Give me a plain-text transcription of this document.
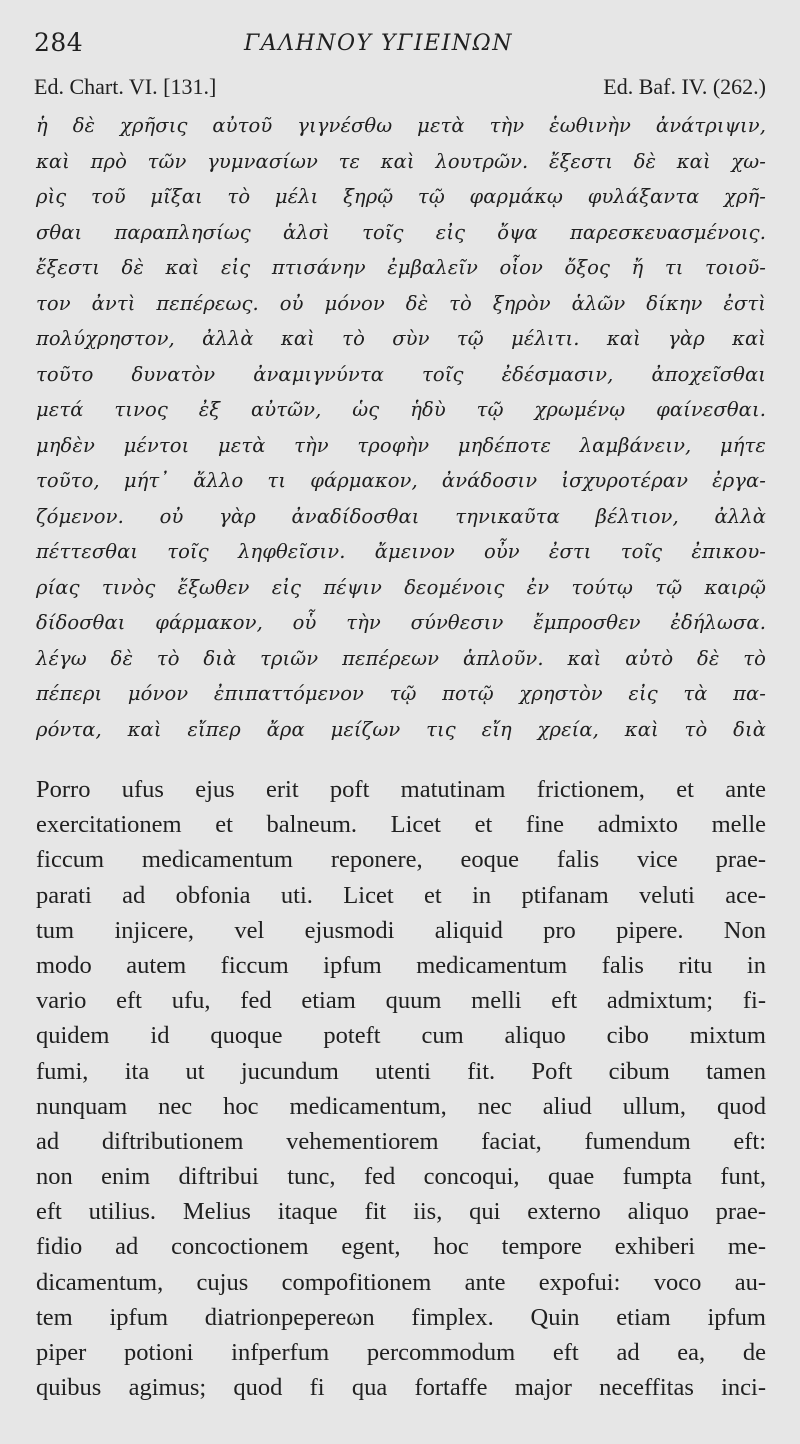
284	ΓΑΛΗΝΟΥ ΥΓΙΕΙΝΩΝ
Ed. Chart. VI. [131.]	Ed. Baf. IV. (262.)
ἡ δὲ χρῆσις αὐτοῦ γιγνέσθω μετὰ τὴν ἑωθινὴν ἀνάτριψιν,
καὶ πρὸ τῶν γυμνασίων τε καὶ λουτρῶν. ἔξεστι δὲ καὶ χω-
ρὶς τοῦ μῖξαι τὸ μέλι ξηρῷ τῷ φαρμάκῳ φυλάξαντα χρῆ-
σθαι παραπλησίως ἁλσὶ τοῖς εἰς ὄψα παρεσκευασμένοις.
ἔξεστι δὲ καὶ εἰς πτισάνην ἐμβαλεῖν οἷον ὄξος ἤ τι τοιοῦ-
τον ἀντὶ πεπέρεως. οὐ μόνον δὲ τὸ ξηρὸν ἁλῶν δίκην ἐστὶ
πολύχρηστον, ἀλλὰ καὶ τὸ σὺν τῷ μέλιτι. καὶ γὰρ καὶ
τοῦτο δυνατὸν ἀναμιγνύντα τοῖς ἐδέσμασιν, ἀποχεῖσθαι
μετά τινος ἐξ αὐτῶν, ὡς ἡδὺ τῷ χρωμένῳ φαίνεσθαι.
μηδὲν μέντοι μετὰ τὴν τροφὴν μηδέποτε λαμβάνειν, μήτε
τοῦτο, μήτ᾿ ἄλλο τι φάρμακον, ἀνάδοσιν ἰσχυροτέραν ἐργα-
ζόμενον. οὐ γὰρ ἀναδίδοσθαι τηνικαῦτα βέλτιον, ἀλλὰ
πέττεσθαι τοῖς ληφθεῖσιν. ἄμεινον οὖν ἐστι τοῖς ἐπικου-
ρίας τινὸς ἔξωθεν εἰς πέψιν δεομένοις ἐν τούτῳ τῷ καιρῷ
δίδοσθαι φάρμακον, οὗ τὴν σύνθεσιν ἔμπροσθεν ἐδήλωσα.
λέγω δὲ τὸ διὰ τριῶν πεπέρεων ἁπλοῦν. καὶ αὐτὸ δὲ τὸ
πέπερι μόνον ἐπιπαττόμενον τῷ ποτῷ χρηστὸν εἰς τὰ πα-
ρόντα, καὶ εἴπερ ἄρα μείζων τις εἴη χρεία, καὶ τὸ διὰ
Porro ufus ejus erit poft matutinam frictionem, et ante
exercitationem et balneum. Licet et fine admixto melle
ficcum medicamentum reponere, eoque falis vice prae-
parati ad obfonia uti. Licet et in ptifanam veluti ace-
tum injicere, vel ejusmodi aliquid pro pipere. Non
modo autem ficcum ipfum medicamentum falis ritu in
vario eft ufu, fed etiam quum melli eft admixtum; fi-
quidem id quoque poteft cum aliquo cibo mixtum
fumi, ita ut jucundum utenti fit. Poft cibum tamen
nunquam nec hoc medicamentum, nec aliud ullum, quod
ad diftributionem vehementiorem faciat, fumendum eft:
non enim diftribui tunc, fed concoqui, quae fumpta funt,
eft utilius. Melius itaque fit iis, qui externo aliquo prae-
fidio ad concoctionem egent, hoc tempore exhiberi me-
dicamentum, cujus compofitionem ante expofui: voco au-
tem ipfum diatrionpepereωn fimplex. Quin etiam ipfum
piper potioni infperfum percommodum eft ad ea, de
quibus agimus; quod fi qua fortaffe major neceffitas inci-
